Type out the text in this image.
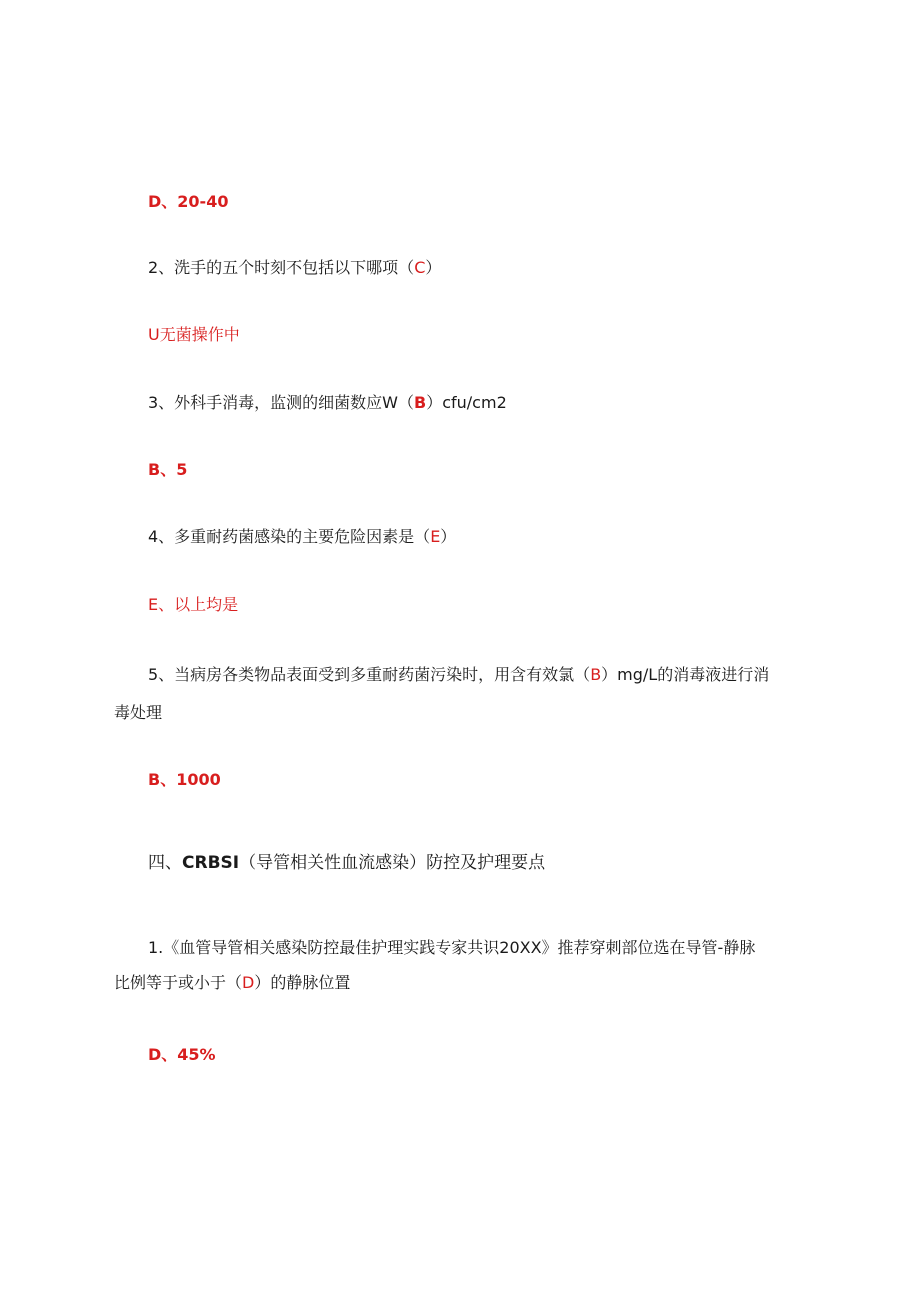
D、20-40
2、洗手的五个时刻不包括以下哪项（C）
U无菌操作中
3、外科手消毒，监测的细菌数应W（B）cfu∕cm2
B、5
4、多重耐药菌感染的主要危险因素是（E）
E、以上均是
5、当病房各类物品表面受到多重耐药菌污染时，用含有效氯（B）mg/L的消毒液进行消
毒处理
B、1000
四、CRBSI（导管相关性血流感染）防控及护理要点
1.《血管导管相关感染防控最佳护理实践专家共识20XX》推荐穿刺部位选在导管-静脉
比例等于或小于（D）的静脉位置
D、45%
